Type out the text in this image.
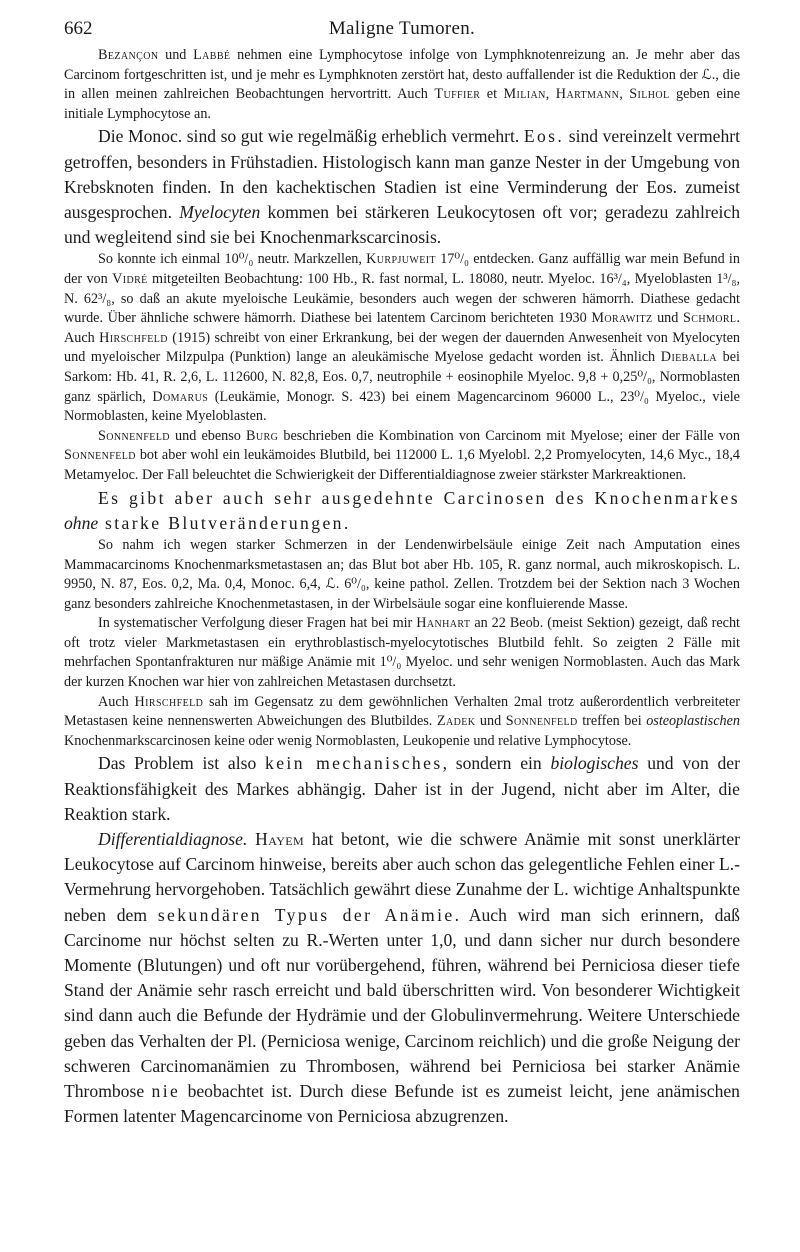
662	Maligne Tumoren.

Bezançon und Labbé nehmen eine Lymphocytose infolge von Lymphknotenreizung an. Je mehr aber das Carcinom fortgeschritten ist, und je mehr es Lymphknoten zerstört hat, desto auffallender ist die Reduktion der ℒ., die in allen meinen zahlreichen Beobachtungen hervortritt. Auch Tuffier et Milian, Hartmann, Silhol geben eine initiale Lymphocytose an.

Die Monoc. sind so gut wie regelmäßig erheblich vermehrt. Eos. sind vereinzelt vermehrt getroffen, besonders in Frühstadien. Histologisch kann man ganze Nester in der Umgebung von Krebsknoten finden. In den kachektischen Stadien ist eine Verminderung der Eos. zumeist ausgesprochen. Myelocyten kommen bei stärkeren Leukocytosen oft vor; geradezu zahlreich und wegleitend sind sie bei Knochenmarkscarcinosis.

So konnte ich einmal 10⁰/₀ neutr. Markzellen, Kurpjuweit 17⁰/₀ entdecken. Ganz auffällig war mein Befund in der von Vidré mitgeteilten Beobachtung: 100 Hb., R. fast normal, L. 18080, neutr. Myeloc. 16³/₄, Myeloblasten 1³/₈, N. 62³/₈, so daß an akute myeloische Leukämie, besonders auch wegen der schweren hämorrh. Diathese gedacht wurde. Über ähnliche schwere hämorrh. Diathese bei latentem Carcinom berichteten 1930 Morawitz und Schmorl. Auch Hirschfeld (1915) schreibt von einer Erkrankung, bei der wegen der dauernden Anwesenheit von Myelocyten und myeloischer Milzpulpa (Punktion) lange an aleukämische Myelose gedacht worden ist. Ähnlich Dieballa bei Sarkom: Hb. 41, R. 2,6, L. 112600, N. 82,8, Eos. 0,7, neutrophile + eosinophile Myeloc. 9,8 + 0,25⁰/₀, Normoblasten ganz spärlich, Domarus (Leukämie, Monogr. S. 423) bei einem Magencarcinom 96000 L., 23⁰/₀ Myeloc., viele Normoblasten, keine Myeloblasten.

Sonnenfeld und ebenso Burg beschrieben die Kombination von Carcinom mit Myelose; einer der Fälle von Sonnenfeld bot aber wohl ein leukämoides Blutbild, bei 112000 L. 1,6 Myelobl. 2,2 Promyelocyten, 14,6 Myc., 18,4 Metamyeloc. Der Fall beleuchtet die Schwierigkeit der Differentialdiagnose zweier stärkster Markreaktionen.

Es gibt aber auch sehr ausgedehnte Carcinosen des Knochenmarkes ohne starke Blutveränderungen.

So nahm ich wegen starker Schmerzen in der Lendenwirbelsäule einige Zeit nach Amputation eines Mammacarcinoms Knochenmarksmetastasen an; das Blut bot aber Hb. 105, R. ganz normal, auch mikroskopisch. L. 9950, N. 87, Eos. 0,2, Ma. 0,4, Monoc. 6,4, ℒ. 6⁰/₀, keine pathol. Zellen. Trotzdem bei der Sektion nach 3 Wochen ganz besonders zahlreiche Knochenmetastasen, in der Wirbelsäule sogar eine konfluierende Masse.

In systematischer Verfolgung dieser Fragen hat bei mir Hanhart an 22 Beob. (meist Sektion) gezeigt, daß recht oft trotz vieler Markmetastasen ein erythroblastisch-myelocytotisches Blutbild fehlt. So zeigten 2 Fälle mit mehrfachen Spontanfrakturen nur mäßige Anämie mit 1⁰/₀ Myeloc. und sehr wenigen Normoblasten. Auch das Mark der kurzen Knochen war hier von zahlreichen Metastasen durchsetzt.

Auch Hirschfeld sah im Gegensatz zu dem gewöhnlichen Verhalten 2mal trotz außerordentlich verbreiteter Metastasen keine nennenswerten Abweichungen des Blutbildes. Zadek und Sonnenfeld treffen bei osteoplastischen Knochenmarkscarcinosen keine oder wenig Normoblasten, Leukopenie und relative Lymphocytose.

Das Problem ist also kein mechanisches, sondern ein biologisches und von der Reaktionsfähigkeit des Markes abhängig. Daher ist in der Jugend, nicht aber im Alter, die Reaktion stark.

Differentialdiagnose. Hayem hat betont, wie die schwere Anämie mit sonst unerklärter Leukocytose auf Carcinom hinweise, bereits aber auch schon das gelegentliche Fehlen einer L.-Vermehrung hervorgehoben. Tatsächlich gewährt diese Zunahme der L. wichtige Anhaltspunkte neben dem sekundären Typus der Anämie. Auch wird man sich erinnern, daß Carcinome nur höchst selten zu R.-Werten unter 1,0, und dann sicher nur durch besondere Momente (Blutungen) und oft nur vorübergehend, führen, während bei Perniciosa dieser tiefe Stand der Anämie sehr rasch erreicht und bald überschritten wird. Von besonderer Wichtigkeit sind dann auch die Befunde der Hydrämie und der Globulinvermehrung. Weitere Unterschiede geben das Verhalten der Pl. (Perniciosa wenige, Carcinom reichlich) und die große Neigung der schweren Carcinomanämien zu Thrombosen, während bei Perniciosa bei starker Anämie Thrombose nie beobachtet ist. Durch diese Befunde ist es zumeist leicht, jene anämischen Formen latenter Magencarcinome von Perniciosa abzugrenzen.
